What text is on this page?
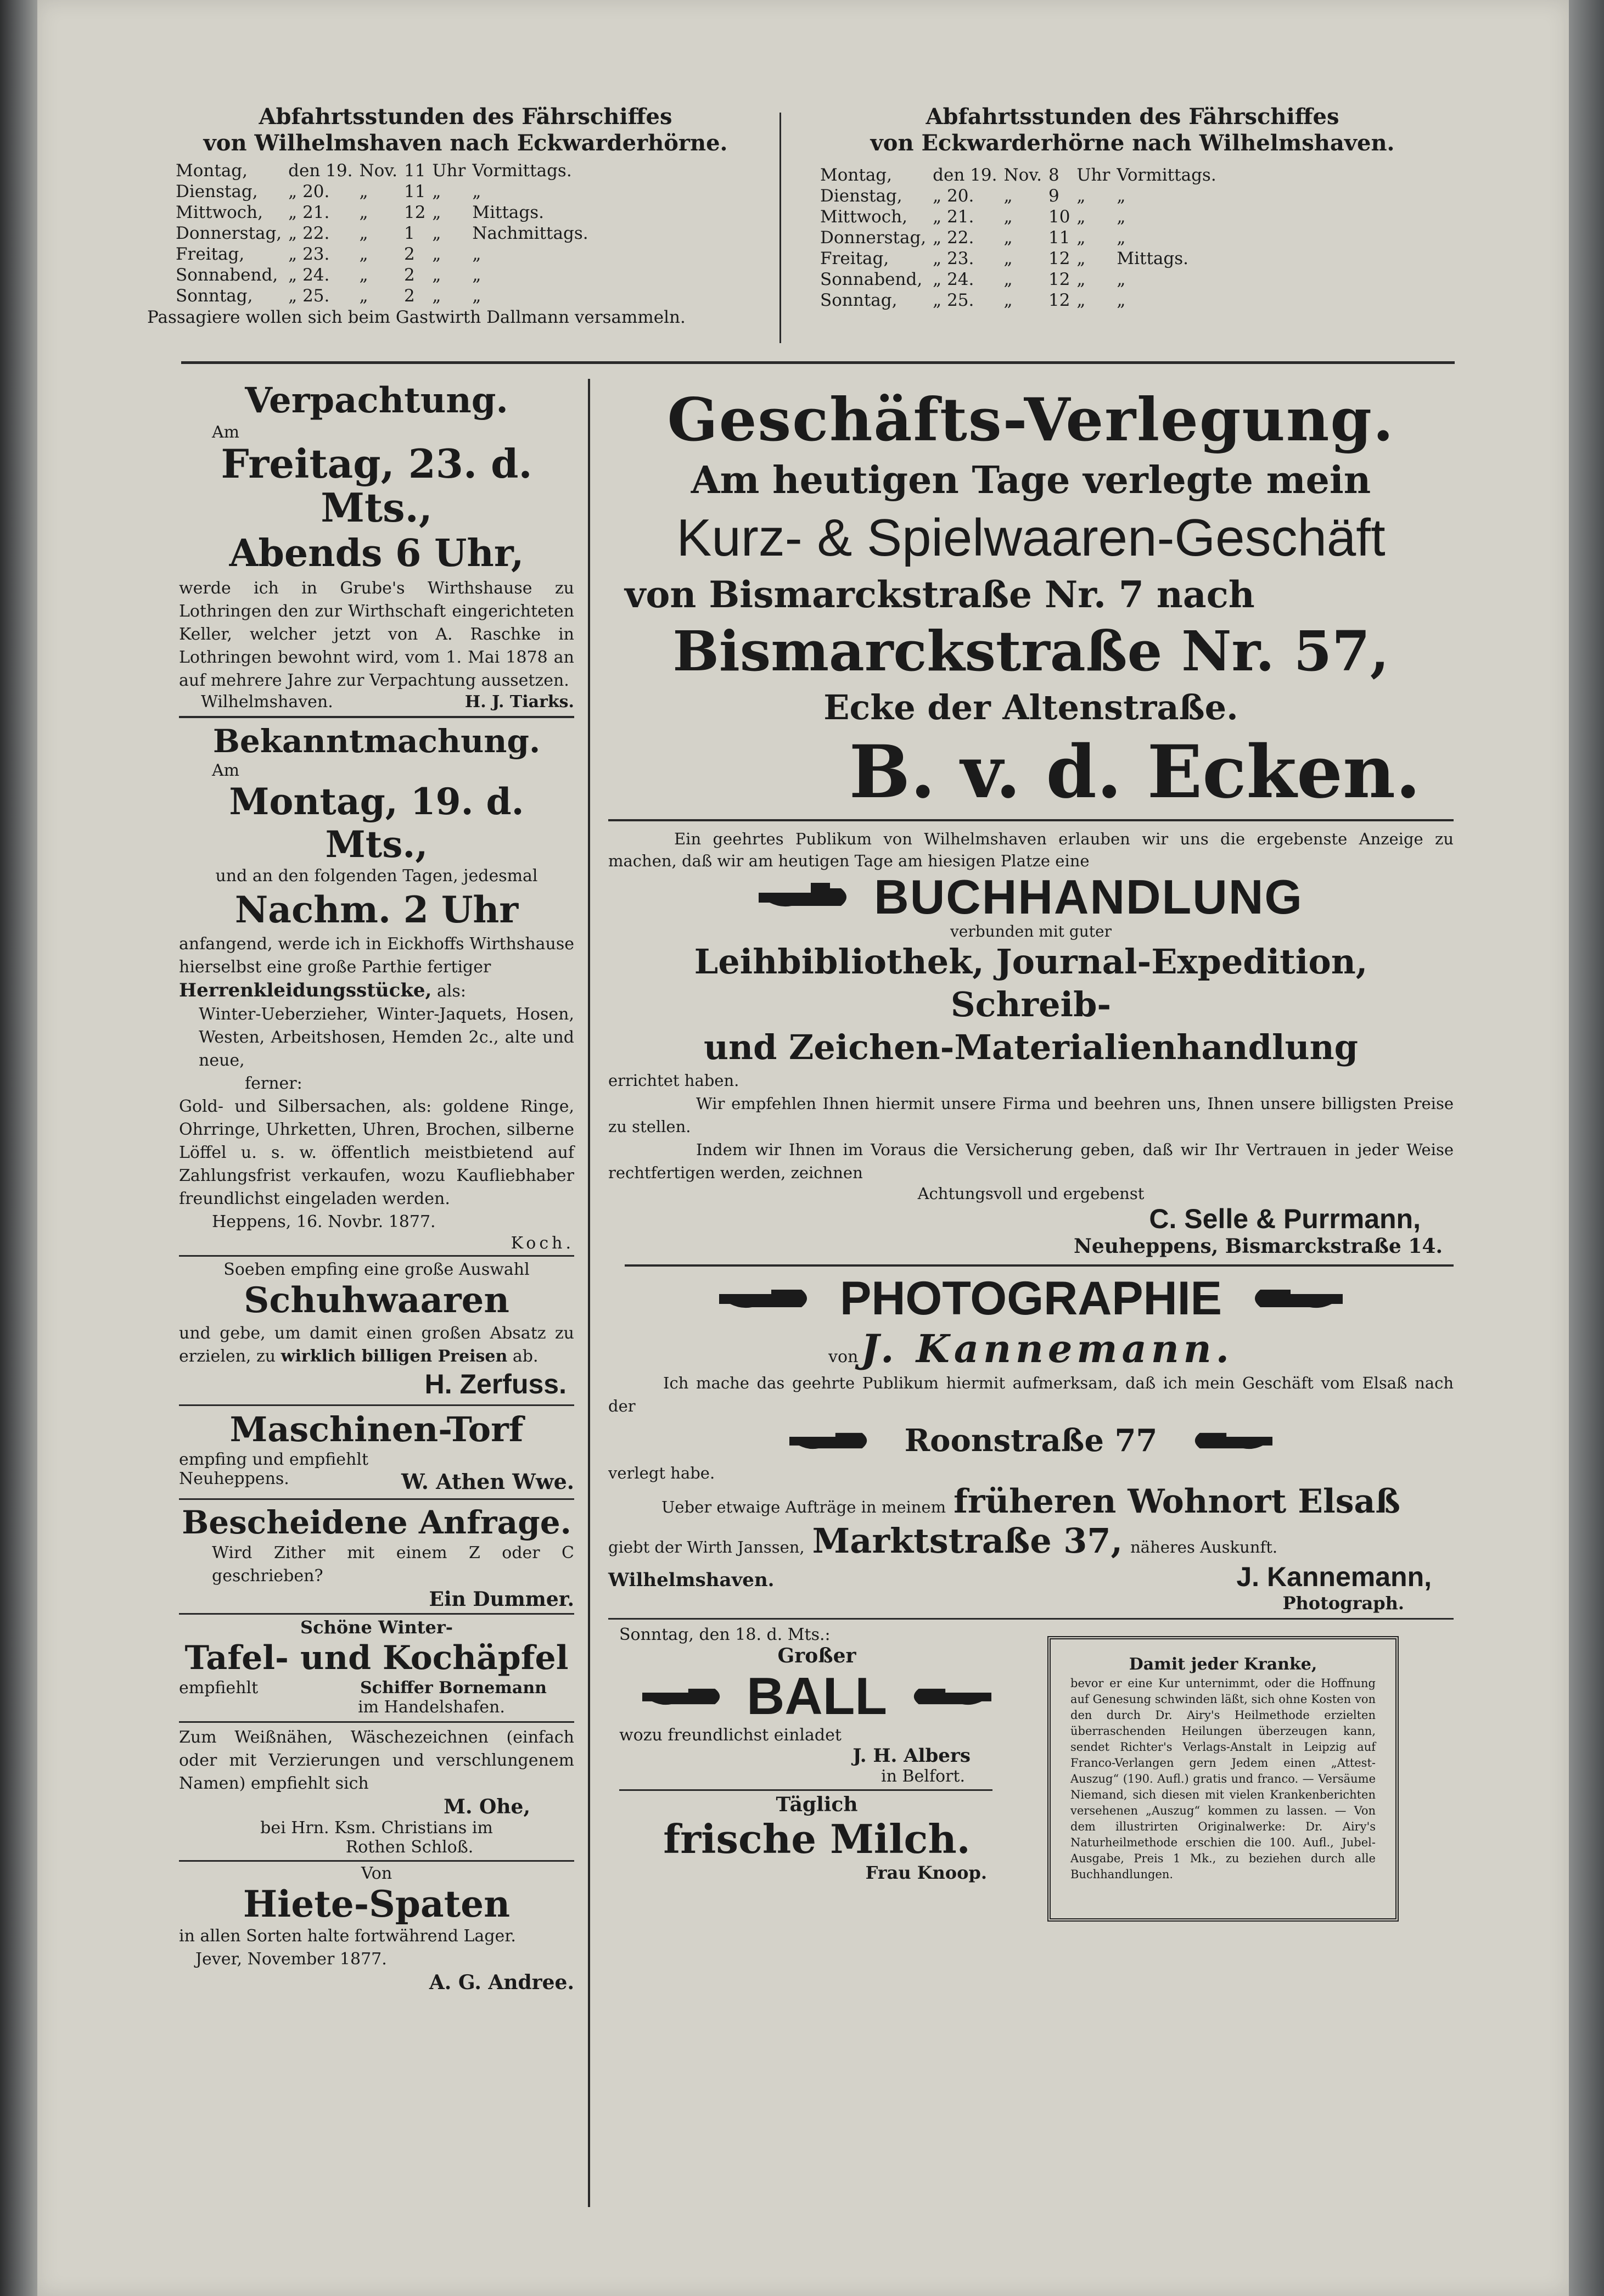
Abfahrtsstunden des Fährschiffes
von Wilhelmshaven nach Eckwarderhörne.
Montag,	den 19.	Nov.	11	Uhr	Vormittags.
Dienstag,	„ 20.	„	11	„	„
Mittwoch,	„ 21.	„	12	„	Mittags.
Donnerstag,	„ 22.	„	1	„	Nachmittags.
Freitag,	„ 23.	„	2	„	„
Sonnabend,	„ 24.	„	2	„	„
Sonntag,	„ 25.	„	2	„	„
Passagiere wollen sich beim Gastwirth Dallmann versammeln.
Abfahrtsstunden des Fährschiffes
von Eckwarderhörne nach Wilhelmshaven.
Montag,	den 19.	Nov.	8	Uhr	Vormittags.
Dienstag,	„ 20.	„	9	„	„
Mittwoch,	„ 21.	„	10	„	„
Donnerstag,	„ 22.	„	11	„	„
Freitag,	„ 23.	„	12	„	Mittags.
Sonnabend,	„ 24.	„	12	„	„
Sonntag,	„ 25.	„	12	„	„
Verpachtung.
Am
Freitag, 23. d. Mts.,
Abends 6 Uhr,
werde ich in Grube's Wirthshause zu Lothringen den zur Wirthschaft eingerichteten Keller, welcher jetzt von A. Raschke in Lothringen bewohnt wird, vom 1. Mai 1878 an auf mehrere Jahre zur Verpachtung aussetzen.
Wilhelmshaven.	H. J. Tiarks.
Bekanntmachung.
Am
Montag, 19. d. Mts.,
und an den folgenden Tagen, jedesmal
Nachm. 2 Uhr
anfangend, werde ich in Eickhoffs Wirthshause hierselbst eine große Parthie fertiger
Herrenkleidungsstücke, als:
Winter-Ueberzieher, Winter-Jaquets, Hosen, Westen, Arbeitshosen, Hemden 2c., alte und neue,
ferner:
Gold- und Silbersachen, als: goldene Ringe, Ohrringe, Uhrketten, Uhren, Brochen, silberne Löffel u. s. w. öffentlich meistbietend auf Zahlungsfrist verkaufen, wozu Kaufliebhaber freundlichst eingeladen werden.
Heppens, 16. Novbr. 1877.
Koch.
Soeben empfing eine große Auswahl
Schuhwaaren
und gebe, um damit einen großen Absatz zu erzielen, zu wirklich billigen Preisen ab.
H. Zerfuss.
Maschinen-Torf
empfing und empfiehlt
Neuheppens.	W. Athen Wwe.
Bescheidene Anfrage.
Wird Zither mit einem Z oder C geschrieben?
Ein Dummer.
Schöne Winter-
Tafel- und Kochäpfel
empfiehlt	Schiffer Bornemann
im Handelshafen.
Zum Weißnähen, Wäschezeichnen (einfach oder mit Verzierungen und verschlungenem Namen) empfiehlt sich
M. Ohe,
bei Hrn. Ksm. Christians im
Rothen Schloß.
Von
Hiete-Spaten
in allen Sorten halte fortwährend Lager.
Jever, November 1877.
A. G. Andree.
Geschäfts-Verlegung.
Am heutigen Tage verlegte mein
Kurz- & Spielwaaren-Geschäft
von Bismarckstraße Nr. 7 nach
Bismarckstraße Nr. 57,
Ecke der Altenstraße.
B. v. d. Ecken.
Ein geehrtes Publikum von Wilhelmshaven erlauben wir uns die ergebenste Anzeige zu machen, daß wir am heutigen Tage am hiesigen Platze eine
BUCHHANDLUNG
verbunden mit guter
Leihbibliothek, Journal-Expedition, Schreib-
und Zeichen-Materialienhandlung
errichtet haben.
Wir empfehlen Ihnen hiermit unsere Firma und beehren uns, Ihnen unsere billigsten Preise zu stellen.
Indem wir Ihnen im Voraus die Versicherung geben, daß wir Ihr Vertrauen in jeder Weise rechtfertigen werden, zeichnen
Achtungsvoll und ergebenst
C. Selle & Purrmann,
Neuheppens, Bismarckstraße 14.
PHOTOGRAPHIE
von J. Kannemann.
Ich mache das geehrte Publikum hiermit aufmerksam, daß ich mein Geschäft vom Elsaß nach der
Roonstraße 77
verlegt habe.
Ueber etwaige Aufträge in meinem früheren Wohnort Elsaß
giebt der Wirth Janssen, Marktstraße 37, näheres Auskunft.
Wilhelmshaven.	J. Kannemann,
Photograph.
Sonntag, den 18. d. Mts.:
Großer
BALL
wozu freundlichst einladet
J. H. Albers
in Belfort.
Täglich
frische Milch.
Frau Knoop.
Damit jeder Kranke,
bevor er eine Kur unternimmt, oder die Hoffnung auf Genesung schwinden läßt, sich ohne Kosten von den durch Dr. Airy's Heilmethode erzielten überraschenden Heilungen überzeugen kann, sendet Richter's Verlags-Anstalt in Leipzig auf Franco-Verlangen gern Jedem einen „Attest-Auszug“ (190. Aufl.) gratis und franco. — Versäume Niemand, sich diesen mit vielen Krankenberichten versehenen „Auszug“ kommen zu lassen. — Von dem illustrirten Originalwerke: Dr. Airy's Naturheilmethode erschien die 100. Aufl., Jubel-Ausgabe, Preis 1 Mk., zu beziehen durch alle Buchhandlungen.
